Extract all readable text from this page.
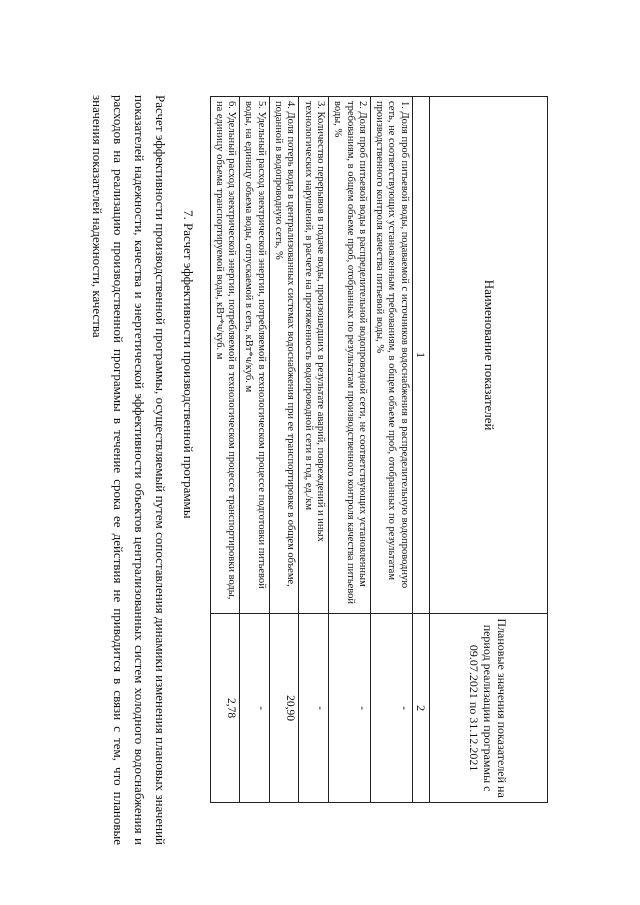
Наименование показателей	Плановые значения показателей на период реализации программы с 09.07.2021 по 31.12.2021
1	2
1. Доля проб питьевой воды, подаваемой с источников водоснабжения в распределительную водопроводную сеть, не соответствующих установленным требованиям, в общем объеме проб, отобранных по результатам производственного контроля качества питьевой воды, %	-
2. Доля проб питьевой воды в распределительной водопроводной сети, не соответствующих установленным требованиям, в общем объеме проб, отобранных по результатам производственного контроля качества питьевой воды, %	-
3. Количество перерывов в подаче воды, произошедших в результате аварий, повреждений и иных технологических нарушений, в расчете на протяженность водопроводной сети в год, ед./км	-
4. Доля потерь воды в централизованных системах водоснабжения при ее транспортировке в общем объеме, поданной в водопроводную сеть, %	20,90
5. Удельный расход электрической энергии, потребляемой в технологическом процессе подготовки питьевой воды, на единицу объема воды, отпускаемой в сеть, кВт*ч/куб. м	-
6. Удельный расход электрической энергии, потребляемой в технологическом процессе транспортировки воды, на единицу объема транспортируемой воды, кВт*ч/куб. м	2,78
7. Расчет эффективности производственной программы

Расчет эффективности производственной программы, осуществляемый путем сопоставления динамики изменения плановых значений показателей надежности, качества и энергетической эффективности объектов централизованных систем холодного водоснабжения и расходов на реализацию производственной программы в течение срока ее действия не приводится в связи с тем, что плановые значения показателей надежности, качества
